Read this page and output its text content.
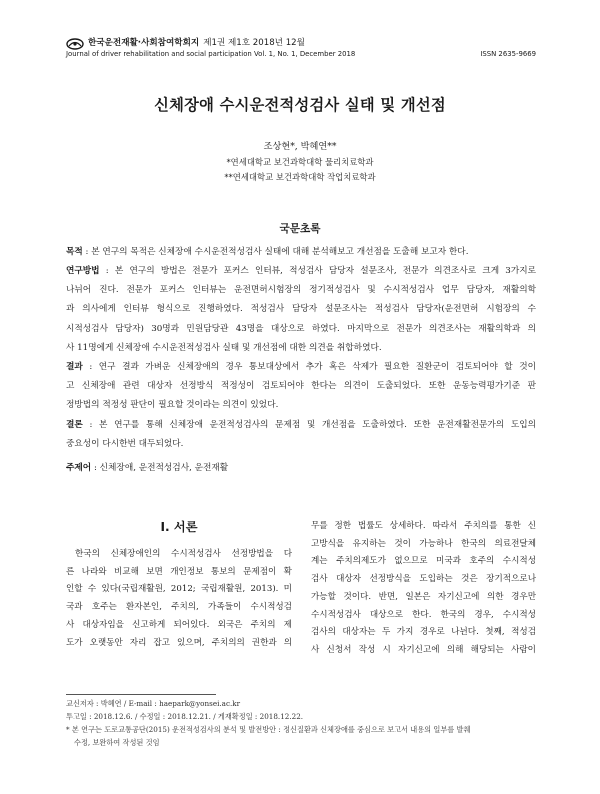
한국운전재활·사회참여학회지 제1권 제1호 2018년 12월
Journal of driver rehabilitation and social participation Vol. 1, No. 1, December 2018	ISSN 2635-9669
신체장애 수시운전적성검사 실태 및 개선점
조상현*, 박혜연**
*연세대학교 보건과학대학 물리치료학과
**연세대학교 보건과학대학 작업치료학과
국문초록
목적 : 본 연구의 목적은 신체장애 수시운전적성검사 실태에 대해 분석해보고 개선점을 도출해 보고자 한다.
연구방법 : 본 연구의 방법은 전문가 포커스 인터뷰, 적성검사 담당자 설문조사, 전문가 의견조사로 크게 3가지로
나뉘어 진다. 전문가 포커스 인터뷰는 운전면허시험장의 정기적성검사 및 수시적성검사 업무 담당자, 재활의학
과 의사에게 인터뷰 형식으로 진행하였다. 적성검사 담당자 설문조사는 적성검사 담당자(운전면허 시험장의 수
시적성검사 담당자) 30명과 민원담당관 43명을 대상으로 하였다. 마지막으로 전문가 의견조사는 재활의학과 의
사 11명에게 신체장애 수시운전적성검사 실태 및 개선점에 대한 의견을 취합하였다.
결과 : 연구 결과 가벼운 신체장애의 경우 통보대상에서 추가 혹은 삭제가 필요한 질환군이 검토되어야 할 것이
고 신체장애 관련 대상자 선정방식 적정성이 검토되어야 한다는 의견이 도출되었다. 또한 운동능력평가기준 판
정방법의 적정성 판단이 필요할 것이라는 의견이 있었다.
결론 : 본 연구를 통해 신체장애 운전적성검사의 문제점 및 개선점을 도출하였다. 또한 운전재활전문가의 도입의
중요성이 다시한번 대두되었다.
주제어 : 신체장애, 운전적성검사, 운전재활
Ⅰ. 서론
한국의 신체장애인의 수시적성검사 선정방법을 다
른 나라와 비교해 보면 개인정보 통보의 문제점이 확
인할 수 있다(국립재활원, 2012; 국립재활원, 2013). 미
국과 호주는 환자본인, 주치의, 가족들이 수시적성검
사 대상자임을 신고하게 되어있다. 외국은 주치의 제
도가 오랫동안 자리 잡고 있으며, 주치의의 권한과 의
무를 정한 법률도 상세하다. 따라서 주치의를 통한 신
고방식을 유지하는 것이 가능하나 한국의 의료전달체
계는 주치의제도가 없으므로 미국과 호주의 수시적성
검사 대상자 선정방식을 도입하는 것은 장기적으로나
가능할 것이다. 반면, 일본은 자기신고에 의한 경우만
수시적성검사 대상으로 한다. 한국의 경우, 수시적성
검사의 대상자는 두 가지 경우로 나뉜다. 첫째, 적성검
사 신청서 작성 시 자기신고에 의해 해당되는 사람이
교신저자 : 박혜연 / E-mail : haepark@yonsei.ac.kr
투고일 : 2018.12.6. / 수정일 : 2018.12.21. / 게재확정일 : 2018.12.22.
* 본 연구는 도로교통공단(2015) 운전적성검사의 분석 및 발전방안 : 정신질환과 신체장애를 중심으로 보고서 내용의 일부를 발췌
수정, 보완하여 작성된 것임
